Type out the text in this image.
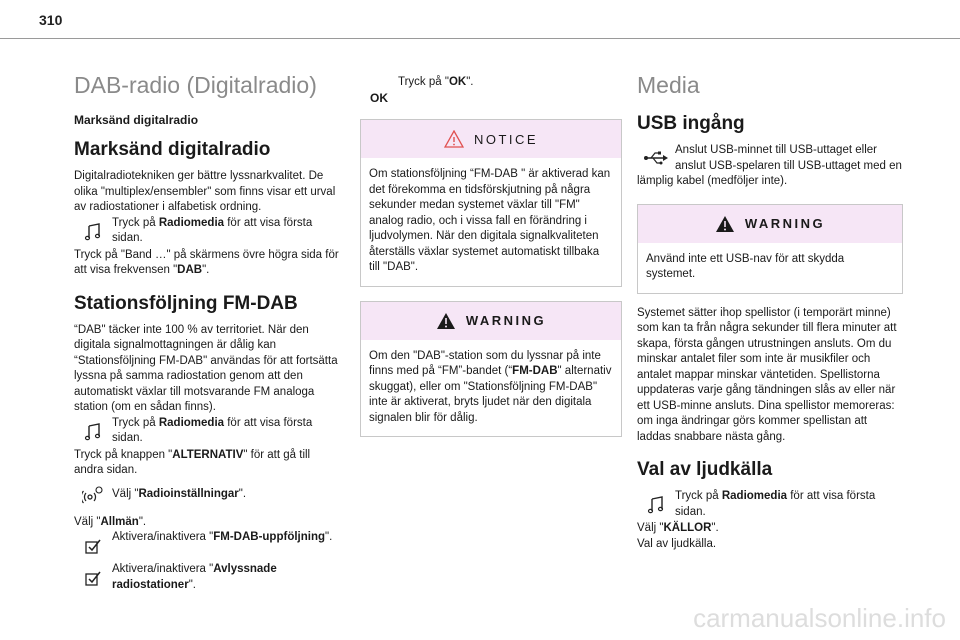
310
DAB-radio (Digitalradio)
Marksänd digitalradio
Marksänd digitalradio

Digitalradiotekniken ger bättre lyssnarkvalitet. De olika "multiplex/ensembler" som finns visar ett urval av radiostationer i alfabetisk ordning.

Tryck på Radiomedia för att visa första sidan.

Tryck på "Band …" på skärmens övre högra sida för att visa frekvensen "DAB".

Stationsföljning FM-DAB

“DAB" täcker inte 100 % av territoriet. När den digitala signalmottagningen är dålig kan “Stationsföljning FM-DAB" användas för att fortsätta lyssna på samma radiostation genom att den automatiskt växlar till motsvarande FM analoga station (om en sådan finns).

Tryck på Radiomedia för att visa första sidan.

Tryck på knappen "ALTERNATIV" för att gå till andra sidan.

Välj "Radioinställningar".

Välj "Allmän".

Aktivera/inaktivera "FM-DAB-uppföljning".
Aktivera/inaktivera "Avlyssnade radiostationer".
OK
Tryck på "OK".
NOTICE
Om stationsföljning “FM-DAB " är aktiverad kan det förekomma en tidsförskjutning på några sekunder medan systemet växlar till "FM" analog radio, och i vissa fall en förändring i ljudvolymen. När den digitala signalkvaliteten återställs växlar systemet automatiskt tillbaka till "DAB".
WARNING
Om den "DAB"-station som du lyssnar på inte finns med på “FM”-bandet (“FM-DAB" alternativ skuggat), eller om "Stationsföljning FM-DAB" inte är aktiverat, bryts ljudet när den digitala signalen blir för dålig.
Media
USB ingång
Anslut USB-minnet till USB-uttaget eller anslut USB-spelaren till USB-uttaget med en lämplig kabel (medföljer inte).
WARNING
Använd inte ett USB-nav för att skydda systemet.

Systemet sätter ihop spellistor (i temporärt minne) som kan ta från några sekunder till flera minuter att skapa, första gången utrustningen ansluts. Om du minskar antalet filer som inte är musikfiler och antalet mappar minskar väntetiden. Spellistorna uppdateras varje gång tändningen slås av eller när ett USB-minne ansluts. Dina spellistor memoreras: om inga ändringar görs kommer spellistan att laddas snabbare nästa gång.

Val av ljudkälla
Tryck på Radiomedia för att visa första sidan.

Välj "KÄLLOR".

Val av ljudkälla.

carmanualsonline.info
